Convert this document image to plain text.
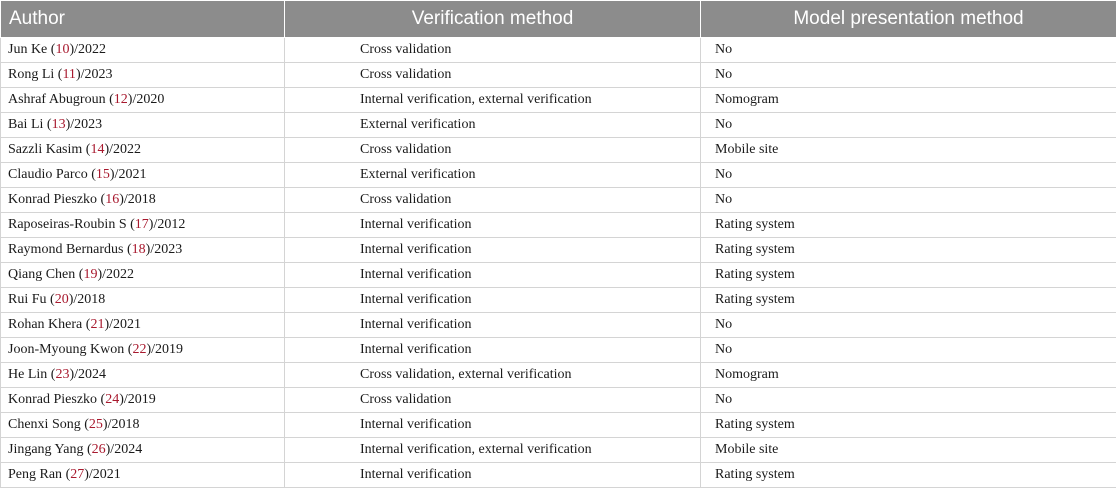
Author	Verification method	Model presentation method
Jun Ke (10)/2022	Cross validation	No
Rong Li (11)/2023	Cross validation	No
Ashraf Abugroun (12)/2020	Internal verification, external verification	Nomogram
Bai Li (13)/2023	External verification	No
Sazzli Kasim (14)/2022	Cross validation	Mobile site
Claudio Parco (15)/2021	External verification	No
Konrad Pieszko (16)/2018	Cross validation	No
Raposeiras-Roubin S (17)/2012	Internal verification	Rating system
Raymond Bernardus (18)/2023	Internal verification	Rating system
Qiang Chen (19)/2022	Internal verification	Rating system
Rui Fu (20)/2018	Internal verification	Rating system
Rohan Khera (21)/2021	Internal verification	No
Joon-Myoung Kwon (22)/2019	Internal verification	No
He Lin (23)/2024	Cross validation, external verification	Nomogram
Konrad Pieszko (24)/2019	Cross validation	No
Chenxi Song (25)/2018	Internal verification	Rating system
Jingang Yang (26)/2024	Internal verification, external verification	Mobile site
Peng Ran (27)/2021	Internal verification	Rating system
